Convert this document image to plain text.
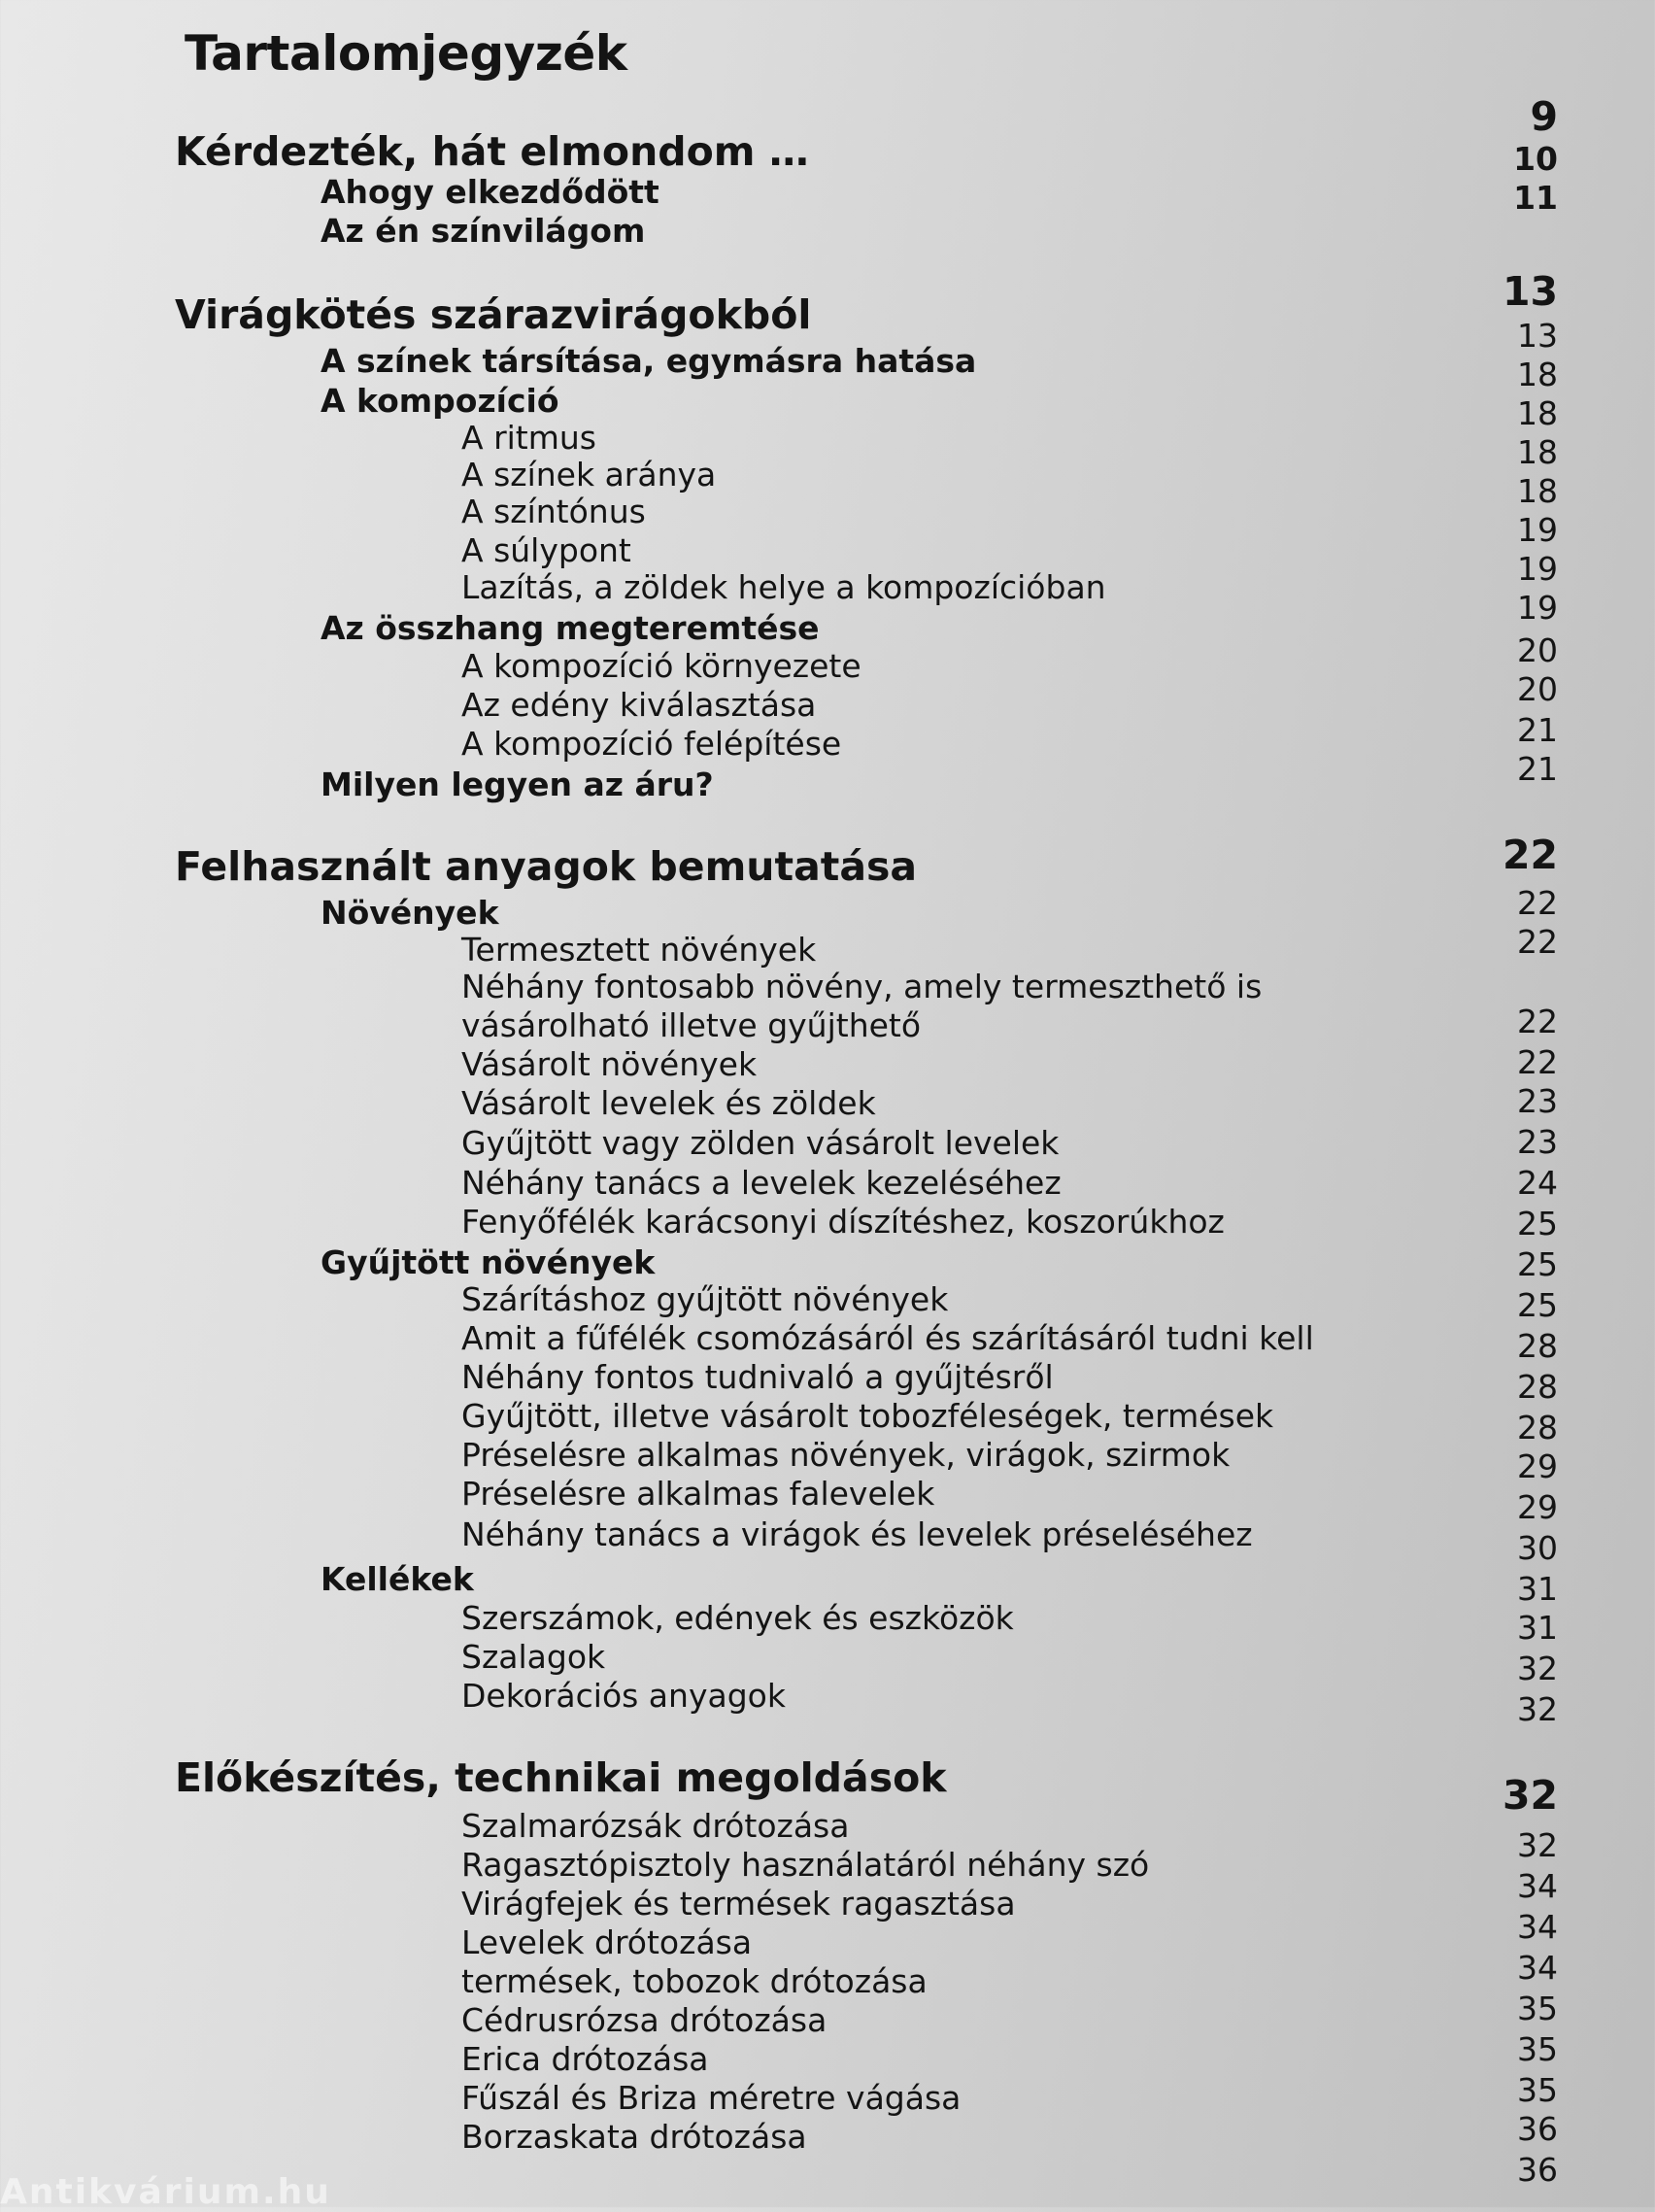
Tartalomjegyzék
Kérdezték, hát elmondom …
Ahogy elkezdődött
Az én színvilágom
Virágkötés szárazvirágokból
A színek társítása, egymásra hatása
A kompozíció
A ritmus
A színek aránya
A színtónus
A súlypont
Lazítás, a zöldek helye a kompozícióban
Az összhang megteremtése
A kompozíció környezete
Az edény kiválasztása
A kompozíció felépítése
Milyen legyen az áru?
Felhasznált anyagok bemutatása
Növények
Termesztett növények
Néhány fontosabb növény, amely termeszthető is
vásárolható illetve gyűjthető
Vásárolt növények
Vásárolt levelek és zöldek
Gyűjtött vagy zölden vásárolt levelek
Néhány tanács a levelek kezeléséhez
Fenyőfélék karácsonyi díszítéshez, koszorúkhoz
Gyűjtött növények
Szárításhoz gyűjtött növények
Amit a fűfélék csomózásáról és szárításáról tudni kell
Néhány fontos tudnivaló a gyűjtésről
Gyűjtött, illetve vásárolt tobozféleségek, termések
Préselésre alkalmas növények, virágok, szirmok
Préselésre alkalmas falevelek
Néhány tanács a virágok és levelek préseléséhez
Kellékek
Szerszámok, edények és eszközök
Szalagok
Dekorációs anyagok
Előkészítés, technikai megoldások
Szalmarózsák drótozása
Ragasztópisztoly használatáról néhány szó
Virágfejek és termések ragasztása
Levelek drótozása
termések, tobozok drótozása
Cédrusrózsa drótozása
Erica drótozása
Fűszál és Briza méretre vágása
Borzaskata drótozása
9
10
11
13
13
18
18
18
18
19
19
19
20
20
21
21
22
22
22
22
22
23
23
24
25
25
25
28
28
28
29
29
30
31
31
32
32
32
32
34
34
34
35
35
35
36
36
Antikvárium.hu
